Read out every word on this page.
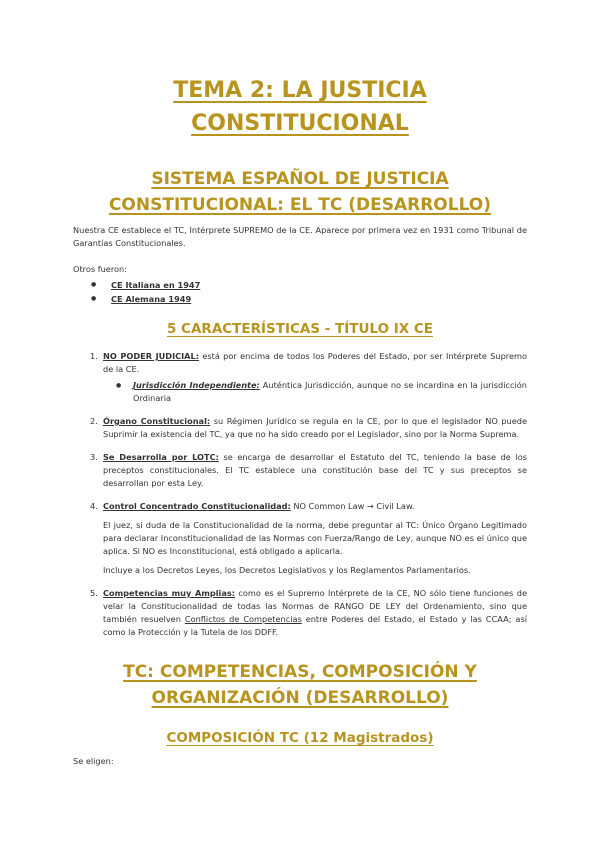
TEMA 2: LA JUSTICIA
CONSTITUCIONAL
SISTEMA ESPAÑOL DE JUSTICIA
CONSTITUCIONAL: EL TC (DESARROLLO)

Nuestra CE establece el TC, Intérprete SUPREMO de la CE. Aparece por primera vez en 1931 como Tribunal de Garantías Constitucionales.

Otros fueron:

● CE Italiana en 1947
● CE Alemana 1949
5 CARACTERÍSTICAS - TÍTULO IX CE
1. NO PODER JUDICIAL: está por encima de todos los Poderes del Estado, por ser Intérprete Supremo de la CE.
● Jurisdicción Independiente: Auténtica Jurisdicción, aunque no se incardina en la jurisdicción Ordinaria
2. Órgano Constitucional: su Régimen Jurídico se regula en la CE, por lo que el legislador NO puede Suprimir la existencia del TC, ya que no ha sido creado por el Legislador, sino por la Norma Suprema.
3. Se Desarrolla por LOTC: se encarga de desarrollar el Estatuto del TC, teniendo la base de los preceptos constitucionales. El TC establece una constitución base del TC y sus preceptos se desarrollan por esta Ley.
4. Control Concentrado Constitucionalidad: NO Common Law → Civil Law.

El juez, si duda de la Constitucionalidad de la norma, debe preguntar al TC: Único Órgano Legitimado para declarar Inconstitucionalidad de las Normas con Fuerza/Rango de Ley, aunque NO es el único que aplica. Si NO es Inconstitucional, está obligado a aplicarla.

Incluye a los Decretos Leyes, los Decretos Legislativos y los Reglamentos Parlamentarios.

5. Competencias muy Amplias: como es el Supremo Intérprete de la CE, NO sólo tiene funciones de velar la Constitucionalidad de todas las Normas de RANGO DE LEY del Ordenamiento, sino que también resuelven Conflictos de Competencias entre Poderes del Estado, el Estado y las CCAA; así como la Protección y la Tutela de los DDFF.
TC: COMPETENCIAS, COMPOSICIÓN Y
ORGANIZACIÓN (DESARROLLO)
COMPOSICIÓN TC (12 Magistrados)

Se eligen:
